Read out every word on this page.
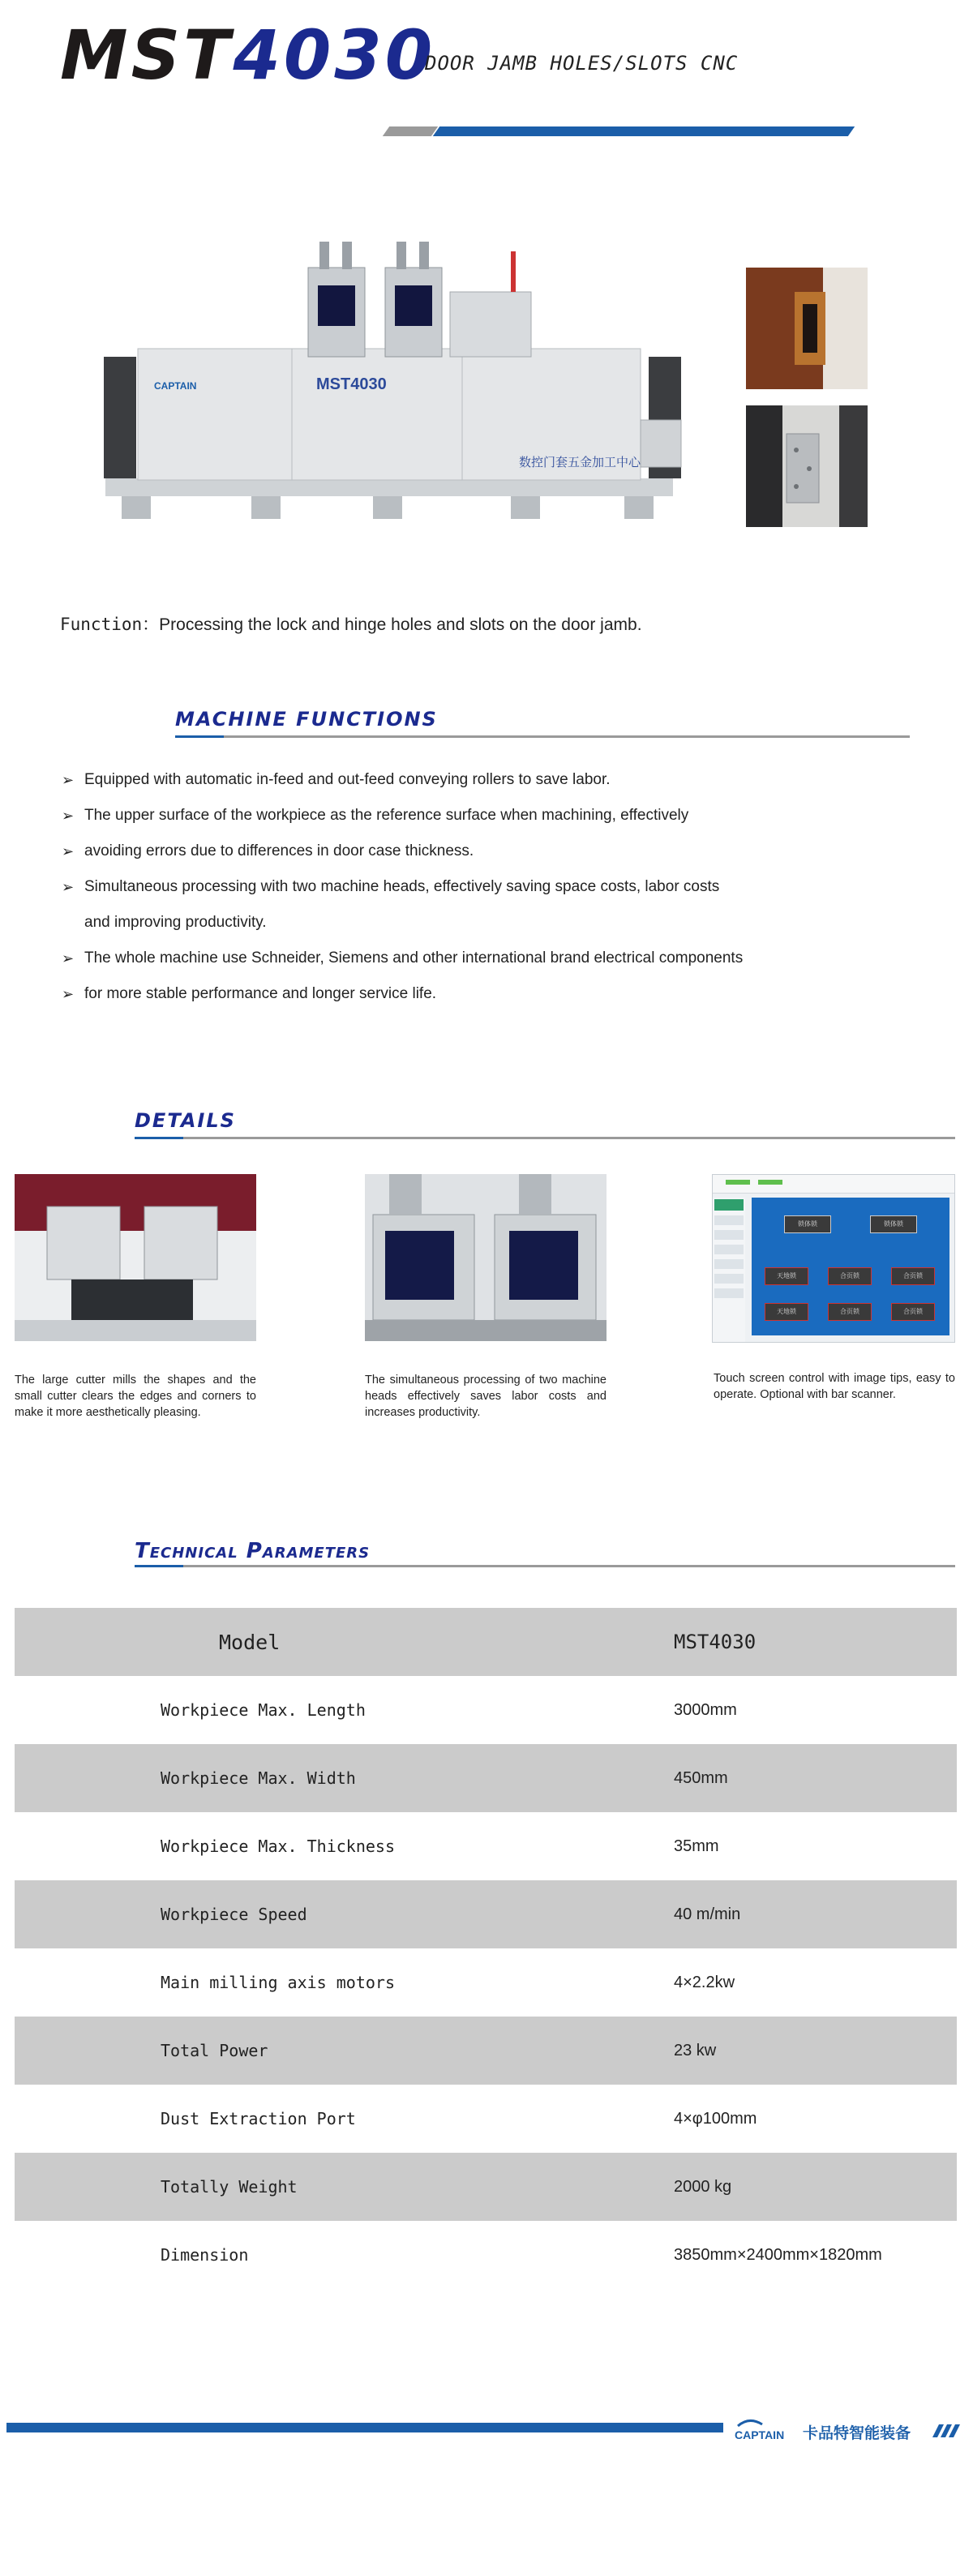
MST4030
DOOR JAMB HOLES/SLOTS CNC
CAPTAIN	MST4030
数控门套五金加工中心
Function：Processing the lock and hinge holes and slots on the door jamb.
MACHINE FUNCTIONS
➢ Equipped with automatic in-feed and out-feed conveying rollers to save labor.
➢ The upper surface of the workpiece as the reference surface when machining, effectively
➢ avoiding errors due to differences in door case thickness.
➢ Simultaneous processing with two machine heads, effectively saving space costs, labor costs
and improving productivity.
➢ The whole machine use Schneider, Siemens and other international brand electrical components
➢ for more stable performance and longer service life.
DETAILS
The large cutter mills the shapes and the small cutter clears the edges and corners to make it more aesthetically pleasing.
The simultaneous processing of two machine heads effectively saves labor costs and increases productivity.
锁体锁	锁体锁
天地锁	合页锁	合页锁
天地锁	合页锁	合页锁
Touch screen control with image tips, easy to operate. Optional with bar scanner.
Technical Parameters
Model	MST4030
Workpiece Max. Length	3000mm
Workpiece Max. Width	450mm
Workpiece Max. Thickness	35mm
Workpiece Speed	40 m/min
Main milling axis motors	4×2.2kw
Total Power	23 kw
Dust Extraction Port	4×φ100mm
Totally Weight	2000 kg
Dimension	3850mm×2400mm×1820mm
CAPTAIN 卡品特智能装备
